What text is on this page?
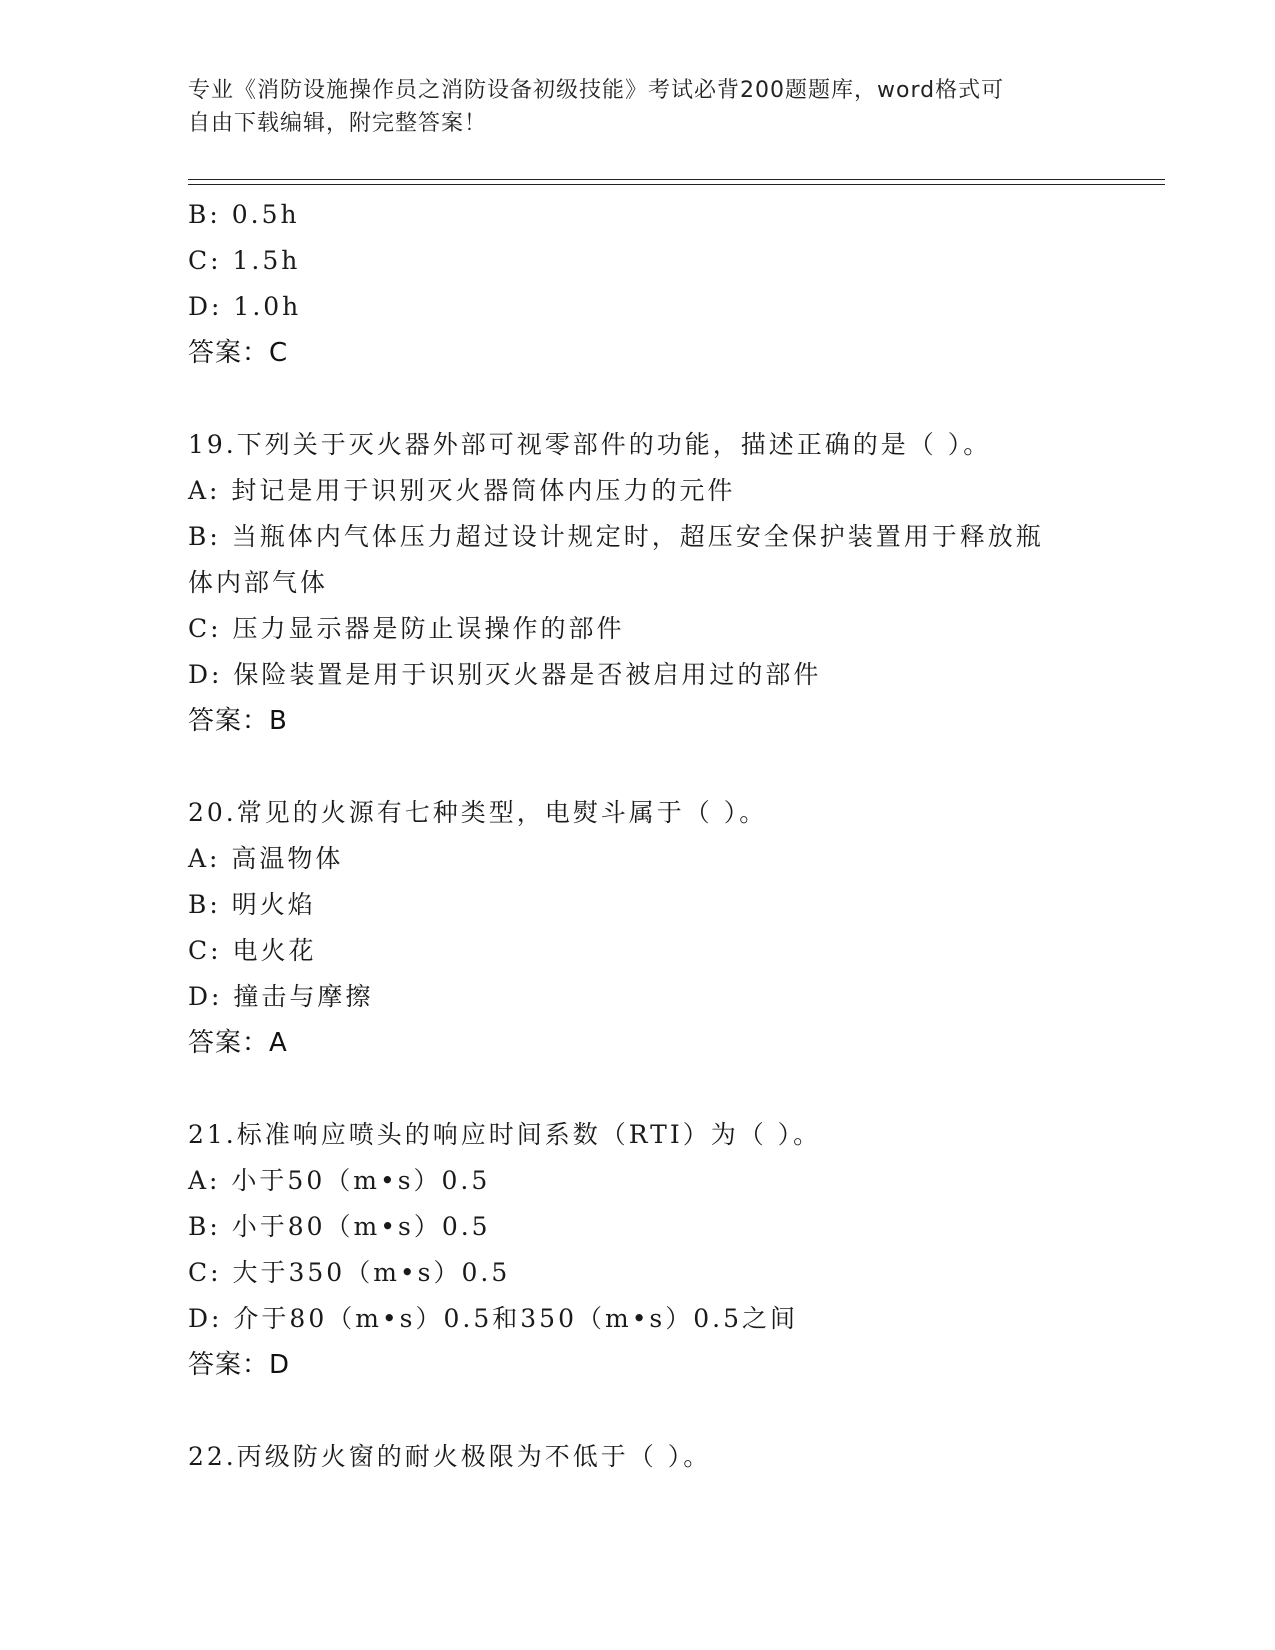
专业《消防设施操作员之消防设备初级技能》考试必背200题题库，word格式可
自由下载编辑，附完整答案！
B: 0.5h
C: 1.5h
D: 1.0h
答案：C
19.下列关于灭火器外部可视零部件的功能，描述正确的是（ ）。
A: 封记是用于识别灭火器筒体内压力的元件
B: 当瓶体内气体压力超过设计规定时，超压安全保护装置用于释放瓶
体内部气体
C: 压力显示器是防止误操作的部件
D: 保险装置是用于识别灭火器是否被启用过的部件
答案：B
20.常见的火源有七种类型，电熨斗属于（ ）。
A: 高温物体
B: 明火焰
C: 电火花
D: 撞击与摩擦
答案：A
21.标准响应喷头的响应时间系数（RTI）为（ ）。
A: 小于50（m•s）0.5
B: 小于80（m•s）0.5
C: 大于350（m•s）0.5
D: 介于80（m•s）0.5和350（m•s）0.5之间
答案：D
22.丙级防火窗的耐火极限为不低于（ ）。
